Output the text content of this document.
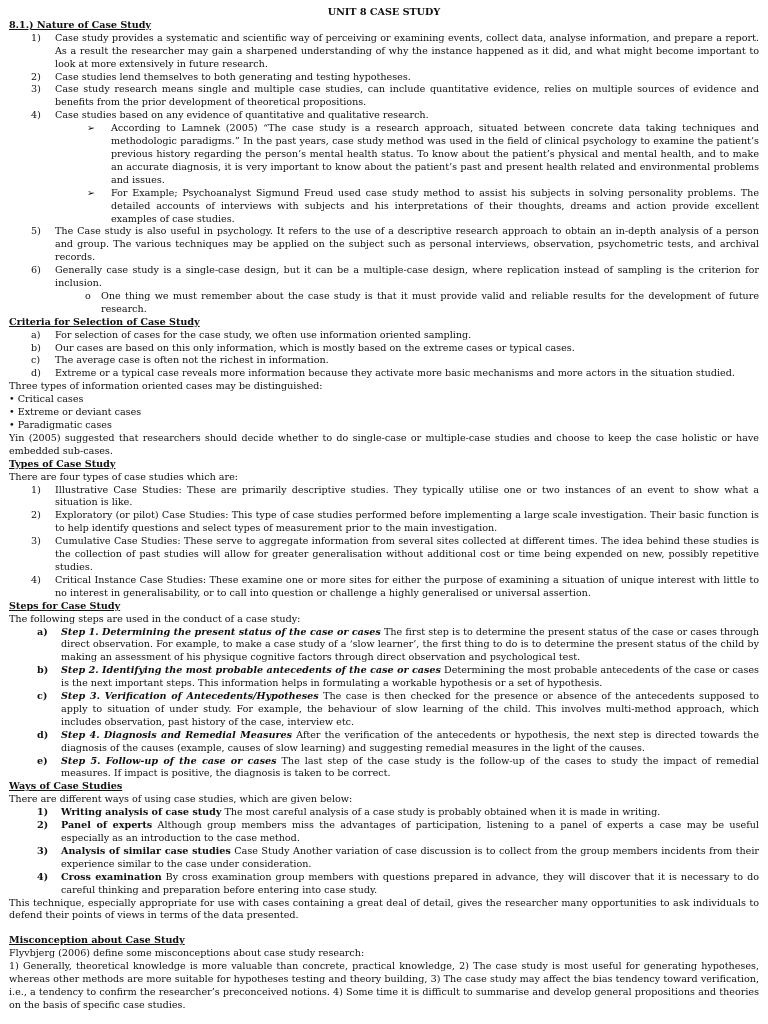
UNIT 8 CASE STUDY
8.1.) Nature of Case Study
1)	Case study provides a systematic and scientific way of perceiving or examining events, collect data, analyse information, and prepare a report. As a result the researcher may gain a sharpened understanding of why the instance happened as it did, and what might become important to look at more extensively in future research.
2)	Case studies lend themselves to both generating and testing hypotheses.
3)	Case study research means single and multiple case studies, can include quantitative evidence, relies on multiple sources of evidence and benefits from the prior development of theoretical propositions.
4)	Case studies based on any evidence of quantitative and qualitative research.
➢	According to Lamnek (2005) “The case study is a research approach, situated between concrete data taking techniques and methodologic paradigms.” In the past years, case study method was used in the field of clinical psychology to examine the patient’s previous history regarding the person’s mental health status. To know about the patient’s physical and mental health, and to make an accurate diagnosis, it is very important to know about the patient’s past and present health related and environmental problems and issues.
➢	For Example; Psychoanalyst Sigmund Freud used case study method to assist his subjects in solving personality problems. The detailed accounts of interviews with subjects and his interpretations of their thoughts, dreams and action provide excellent examples of case studies.
5)	The Case study is also useful in psychology. It refers to the use of a descriptive research approach to obtain an in-depth analysis of a person and group. The various techniques may be applied on the subject such as personal interviews, observation, psychometric tests, and archival records.
6)	Generally case study is a single-case design, but it can be a multiple-case design, where replication instead of sampling is the criterion for inclusion.
o	One thing we must remember about the case study is that it must provide valid and reliable results for the development of future research.
Criteria for Selection of Case Study
a)	For selection of cases for the case study, we often use information oriented sampling.
b)	Our cases are based on this only information, which is mostly based on the extreme cases or typical cases.
c)	The average case is often not the richest in information.
d)	Extreme or a typical case reveals more information because they activate more basic mechanisms and more actors in the situation studied.
Three types of information oriented cases may be distinguished:
• Critical cases
• Extreme or deviant cases
• Paradigmatic cases
Yin (2005) suggested that researchers should decide whether to do single-case or multiple-case studies and choose to keep the case holistic or have embedded sub-cases.
Types of Case Study
There are four types of case studies which are:
1)	Illustrative Case Studies: These are primarily descriptive studies. They typically utilise one or two instances of an event to show what a situation is like.
2)	Exploratory (or pilot) Case Studies: This type of case studies performed before implementing a large scale investigation. Their basic function is to help identify questions and select types of measurement prior to the main investigation.
3)	Cumulative Case Studies: These serve to aggregate information from several sites collected at different times. The idea behind these studies is the collection of past studies will allow for greater generalisation without additional cost or time being expended on new, possibly repetitive studies.
4)	Critical Instance Case Studies: These examine one or more sites for either the purpose of examining a situation of unique interest with little to no interest in generalisability, or to call into question or challenge a highly generalised or universal assertion.
Steps for Case Study
The following steps are used in the conduct of a case study:
a)	Step 1. Determining the present status of the case or cases The first step is to determine the present status of the case or cases through direct observation. For example, to make a case study of a ‘slow learner’, the first thing to do is to determine the present status of the child by making an assessment of his physique cognitive factors through direct observation and psychological test.
b)	Step 2. Identifying the most probable antecedents of the case or cases Determining the most probable antecedents of the case or cases is the next important steps. This information helps in formulating a workable hypothesis or a set of hypothesis.
c)	Step 3. Verification of Antecedents/Hypotheses The case is then checked for the presence or absence of the antecedents supposed to apply to situation of under study. For example, the behaviour of slow learning of the child. This involves multi-method approach, which includes observation, past history of the case, interview etc.
d)	Step 4. Diagnosis and Remedial Measures After the verification of the antecedents or hypothesis, the next step is directed towards the diagnosis of the causes (example, causes of slow learning) and suggesting remedial measures in the light of the causes.
e)	Step 5. Follow-up of the case or cases The last step of the case study is the follow-up of the cases to study the impact of remedial measures. If impact is positive, the diagnosis is taken to be correct.
Ways of Case Studies
There are different ways of using case studies, which are given below:
1)	Writing analysis of case study The most careful analysis of a case study is probably obtained when it is made in writing.
2)	Panel of experts Although group members miss the advantages of participation, listening to a panel of experts a case may be useful especially as an introduction to the case method.
3)	Analysis of similar case studies Case Study Another variation of case discussion is to collect from the group members incidents from their experience similar to the case under consideration.
4)	Cross examination By cross examination group members with questions prepared in advance, they will discover that it is necessary to do careful thinking and preparation before entering into case study.
This technique, especially appropriate for use with cases containing a great deal of detail, gives the researcher many opportunities to ask individuals to defend their points of views in terms of the data presented.
Misconception about Case Study
Flyvbjerg (2006) define some misconceptions about case study research:
1) Generally, theoretical knowledge is more valuable than concrete, practical knowledge, 2) The case study is most useful for generating hypotheses, whereas other methods are more suitable for hypotheses testing and theory building, 3) The case study may affect the bias tendency toward verification, i.e., a tendency to confirm the researcher’s preconceived notions. 4) Some time it is difficult to summarise and develop general propositions and theories on the basis of specific case studies.
